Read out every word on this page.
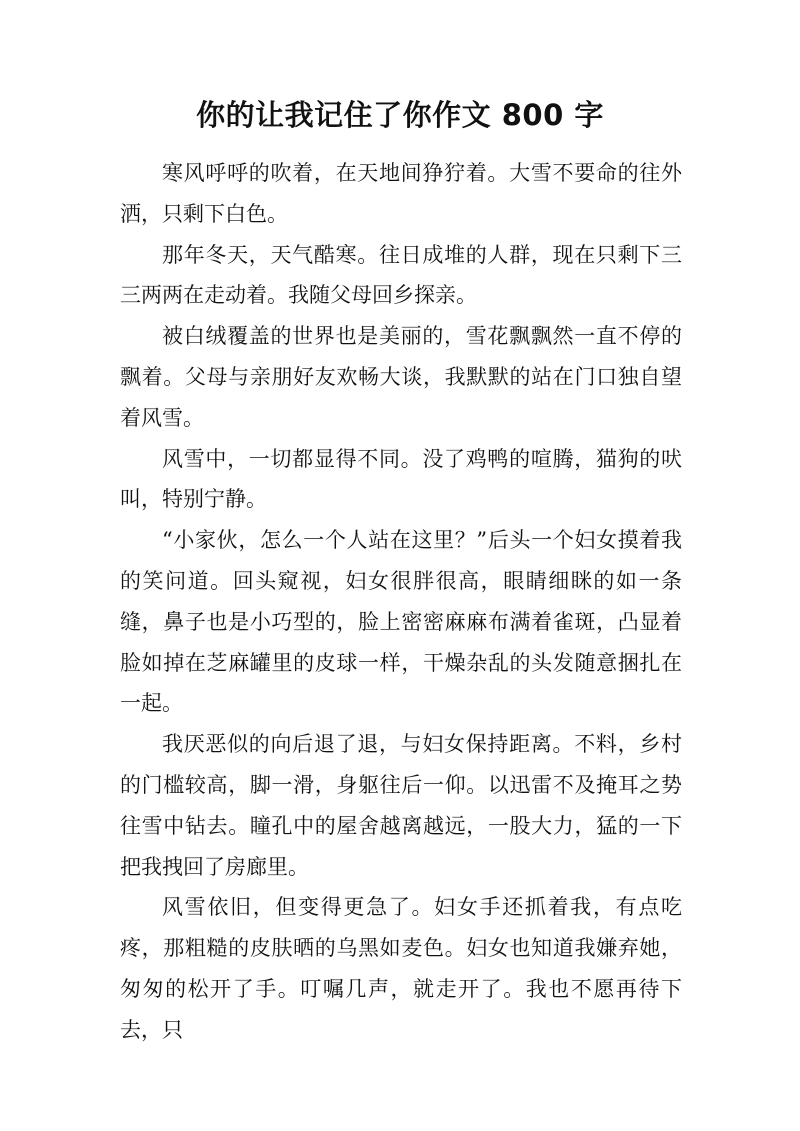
你的让我记住了你作文 800 字

寒风呼呼的吹着，在天地间狰狞着。大雪不要命的往外洒，只剩下白色。

那年冬天，天气酷寒。往日成堆的人群，现在只剩下三三两两在走动着。我随父母回乡探亲。

被白绒覆盖的世界也是美丽的，雪花飘飘然一直不停的飘着。父母与亲朋好友欢畅大谈，我默默的站在门口独自望着风雪。

风雪中，一切都显得不同。没了鸡鸭的喧腾，猫狗的吠叫，特别宁静。

“小家伙，怎么一个人站在这里？”后头一个妇女摸着我的笑问道。回头窥视，妇女很胖很高，眼睛细眯的如一条缝，鼻子也是小巧型的，脸上密密麻麻布满着雀斑，凸显着脸如掉在芝麻罐里的皮球一样，干燥杂乱的头发随意捆扎在一起。

我厌恶似的向后退了退，与妇女保持距离。不料，乡村的门槛较高，脚一滑，身躯往后一仰。以迅雷不及掩耳之势往雪中钻去。瞳孔中的屋舍越离越远，一股大力，猛的一下把我拽回了房廊里。

风雪依旧，但变得更急了。妇女手还抓着我，有点吃疼，那粗糙的皮肤晒的乌黑如麦色。妇女也知道我嫌弃她，匆匆的松开了手。叮嘱几声，就走开了。我也不愿再待下去，只
